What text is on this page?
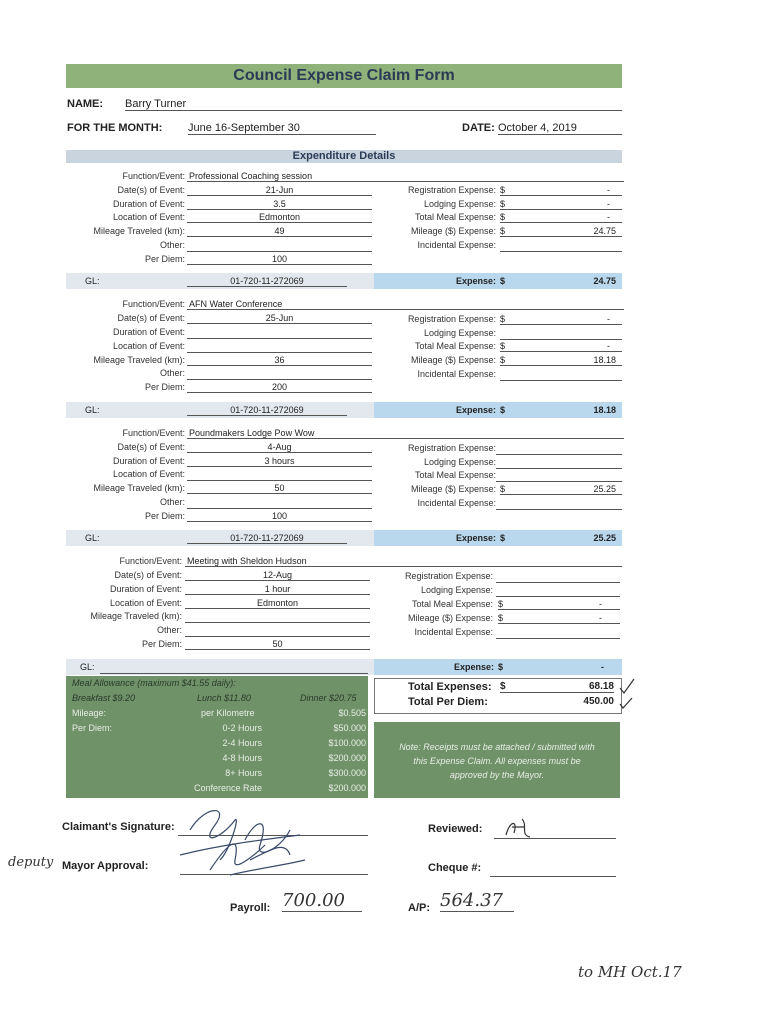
Council Expense Claim Form
NAME: Barry Turner
FOR THE MONTH: June 16-September 30	DATE: October 4, 2019
Expenditure Details
Function/Event: Professional Coaching session
Date(s) of Event:	21-Jun
Duration of Event:	3.5
Location of Event:	Edmonton
Mileage Traveled (km):	49
Other:
Per Diem:	100
Registration Expense: $	-
Lodging Expense: $	-
Total Meal Expense: $	-
Mileage ($) Expense: $	24.75
Incidental Expense:
GL:	01-720-11-272069	Expense: $	24.75
Function/Event: AFN Water Conference
Date(s) of Event:	25-Jun
Duration of Event:
Location of Event:
Mileage Traveled (km):	36
Other:
Per Diem:	200
Registration Expense: $	-
Lodging Expense:
Total Meal Expense: $	-
Mileage ($) Expense: $	18.18
Incidental Expense:
GL:	01-720-11-272069	Expense: $	18.18
Function/Event: Poundmakers Lodge Pow Wow
Date(s) of Event:	4-Aug
Duration of Event:	3 hours
Location of Event:
Mileage Traveled (km):	50
Other:
Per Diem:	100
Registration Expense:
Lodging Expense:
Total Meal Expense:
Mileage ($) Expense: $	25.25
Incidental Expense:
GL:	01-720-11-272069	Expense: $	25.25
Function/Event: Meeting with Sheldon Hudson
Date(s) of Event:	12-Aug
Duration of Event:	1 hour
Location of Event:	Edmonton
Mileage Traveled (km):
Other:
Per Diem:	50
Registration Expense:
Lodging Expense:
Total Meal Expense: $	-
Mileage ($) Expense: $	-
Incidental Expense:
GL:	Expense: $	-
Total Expenses: $	68.18
Total Per Diem:	450.00
Meal Allowance (maximum $41.55 daily):
Breakfast $9.20	Lunch $11.80	Dinner $20.75
Mileage:	per Kilometre	$0.505
Per Diem:	0-2 Hours	$50.000
2-4 Hours	$100.000
4-8 Hours	$200.000
8+ Hours	$300.000
Conference Rate	$200.000
Note: Receipts must be attached / submitted with
this Expense Claim. All expenses must be
approved by the Mayor.
Claimant's Signature:	Reviewed:
deputy Mayor Approval:	Cheque #:
Payroll: 700.00	A/P: 564.37
to MH Oct.17
